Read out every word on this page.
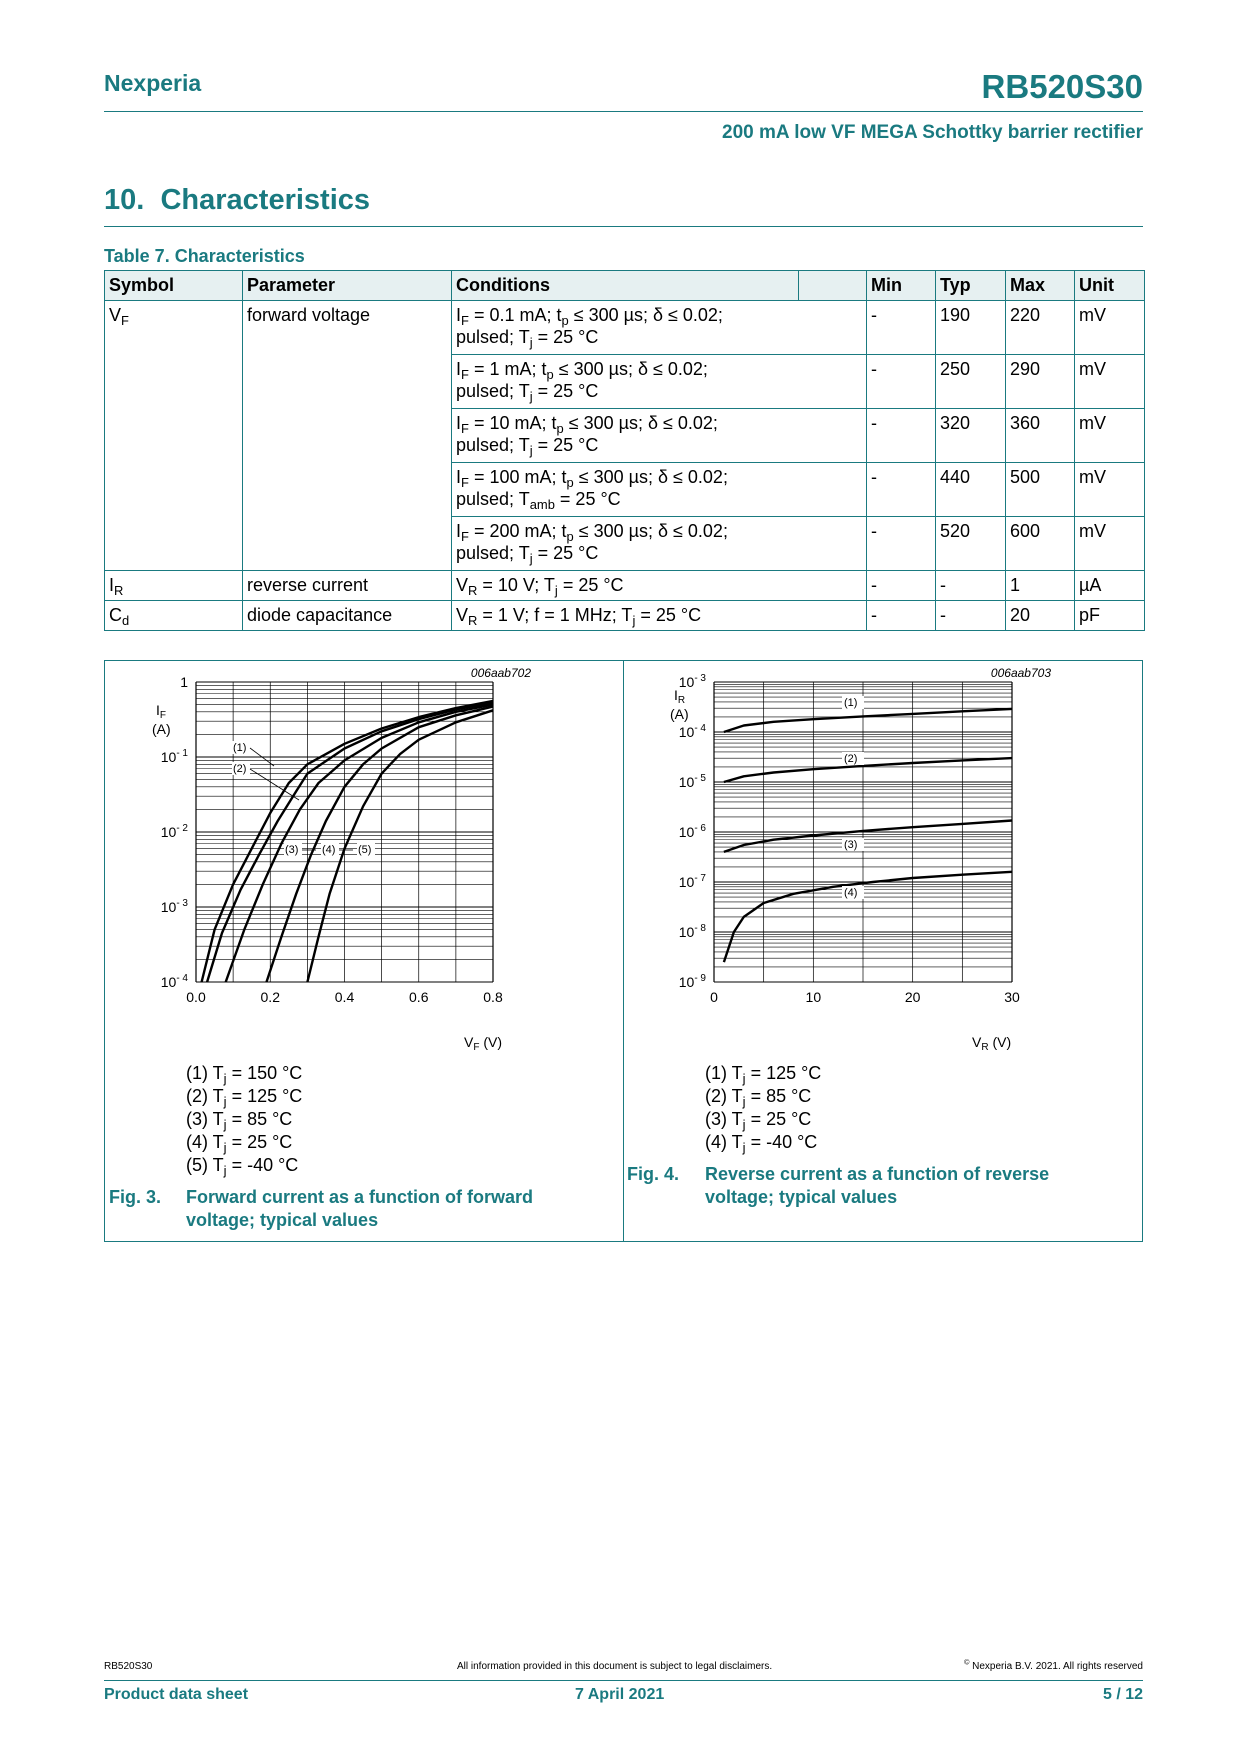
Nexperia	RB520S30
200 mA low VF MEGA Schottky barrier rectifier
10. Characteristics
Table 7. Characteristics
Symbol	Parameter	Conditions		Min	Typ	Max	Unit
$V_F$	forward voltage	$I_F = 0.1$ mA; $t_p \le 300$ µs; δ ≤ 0.02;
pulsed; $T_j = 25$ °C		-	190	220	mV
		$I_F = 1$ mA; $t_p \le 300$ µs; δ ≤ 0.02;
pulsed; $T_j = 25$ °C		-	250	290	mV
		$I_F = 10$ mA; $t_p \le 300$ µs; δ ≤ 0.02;
pulsed; $T_j = 25$ °C		-	320	360	mV
		$I_F = 100$ mA; $t_p \le 300$ µs; δ ≤ 0.02;
pulsed; $T_{amb} = 25$ °C		-	440	500	mV
		$I_F = 200$ mA; $t_p \le 300$ µs; δ ≤ 0.02;
pulsed; $T_j = 25$ °C		-	520	600	mV
$I_R$	reverse current	$V_R = 10$ V; $T_j = 25$ °C		-	-	1	µA
$C_d$	diode capacitance	$V_R = 1$ V; f = 1 MHz; $T_j = 25$ °C		-	-	20	pF
006aab702
$I_F$
(A)
$V_F$ (V)
0.0	0.2	0.4	0.6	0.8
1
$10^{- 1}$
$10^{- 2}$
$10^{- 3}$
$10^{- 4}$
(1)
(2)
(3) (4) (5)
(1) $T_j = 150$ °C
(2) $T_j = 125$ °C
(3) $T_j = 85$ °C
(4) $T_j = 25$ °C
(5) $T_j = -40$ °C
Fig. 3. Forward current as a function of forward
voltage; typical values
006aab703
$I_R$
(A)
$V_R$ (V)
0	10	20	30
$10^{- 3}$
$10^{- 4}$
$10^{- 5}$
$10^{- 6}$
$10^{- 7}$
$10^{- 8}$
$10^{- 9}$
(1)
(2)
(3)
(4)
(1) $T_j = 125$ °C
(2) $T_j = 85$ °C
(3) $T_j = 25$ °C
(4) $T_j = -40$ °C
Fig. 4. Reverse current as a function of reverse
voltage; typical values
RB520S30	All information provided in this document is subject to legal disclaimers.	© Nexperia B.V. 2021. All rights reserved
Product data sheet	7 April 2021	5 / 12
